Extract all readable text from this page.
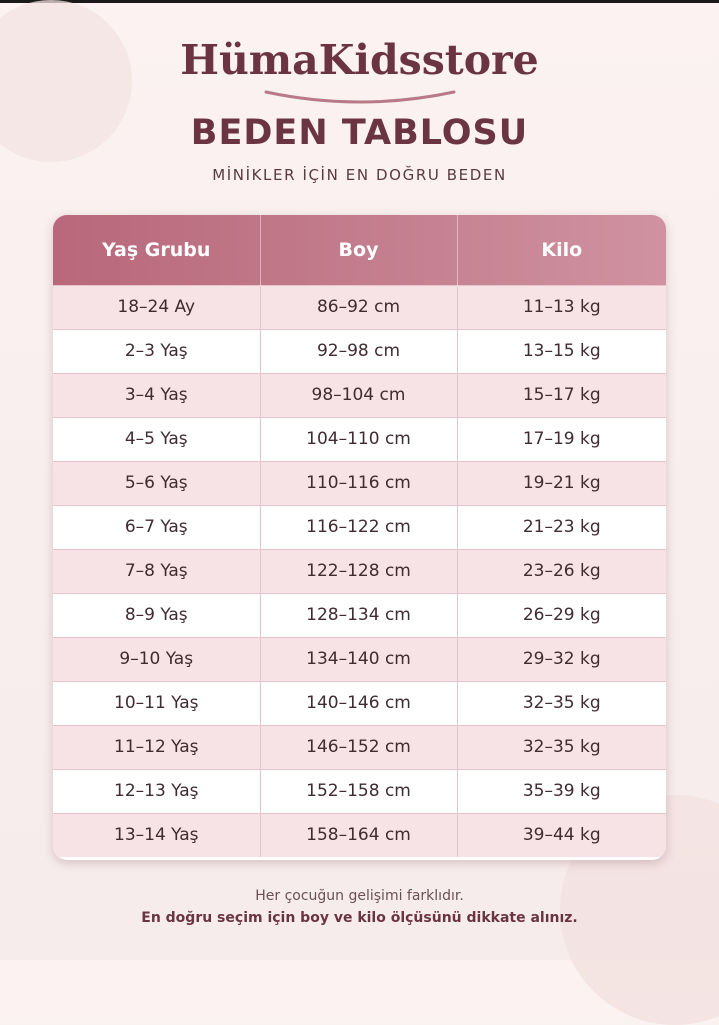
HümaKidsstore
BEDEN TABLOSU
MİNİKLER İÇİN EN DOĞRU BEDEN
Yaş Grubu	Boy	Kilo
18–24 Ay	86–92 cm	11–13 kg
2–3 Yaş	92–98 cm	13–15 kg
3–4 Yaş	98–104 cm	15–17 kg
4–5 Yaş	104–110 cm	17–19 kg
5–6 Yaş	110–116 cm	19–21 kg
6–7 Yaş	116–122 cm	21–23 kg
7–8 Yaş	122–128 cm	23–26 kg
8–9 Yaş	128–134 cm	26–29 kg
9–10 Yaş	134–140 cm	29–32 kg
10–11 Yaş	140–146 cm	32–35 kg
11–12 Yaş	146–152 cm	32–35 kg
12–13 Yaş	152–158 cm	35–39 kg
13–14 Yaş	158–164 cm	39–44 kg
Her çocuğun gelişimi farklıdır.
En doğru seçim için boy ve kilo ölçüsünü dikkate alınız.
